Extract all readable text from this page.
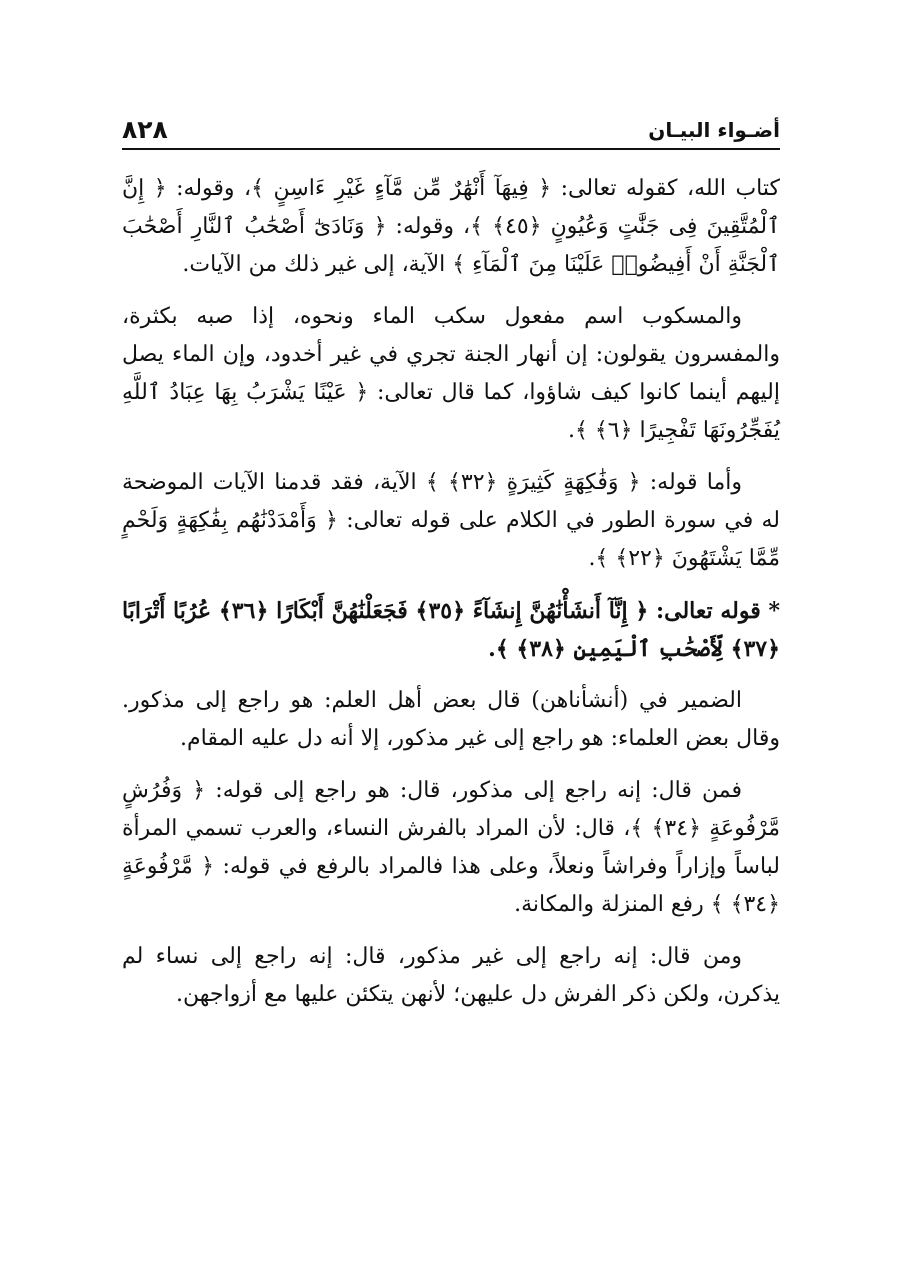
٨٢٨	أضـواء البيـان

كتاب الله، كقوله تعالى: ﴿ فِيهَآ أَنْهَٰرٌ مِّن مَّآءٍ غَيْرِ ءَاسِنٍ ﴾، وقوله: ﴿ إِنَّ ٱلْمُتَّقِينَ فِى جَنَّٰتٍ وَعُيُونٍ ﴿٤٥﴾ ﴾، وقوله: ﴿ وَنَادَىٰٓ أَصْحَٰبُ ٱلنَّارِ أَصْحَٰبَ ٱلْجَنَّةِ أَنْ أَفِيضُوا۟ عَلَيْنَا مِنَ ٱلْمَآءِ ﴾ الآية، إلى غير ذلك من الآيات.

والمسكوب اسم مفعول سكب الماء ونحوه، إذا صبه بكثرة، والمفسرون يقولون: إن أنهار الجنة تجري في غير أخدود، وإن الماء يصل إليهم أينما كانوا كيف شاؤوا، كما قال تعالى: ﴿ عَيْنًا يَشْرَبُ بِهَا عِبَادُ ٱللَّهِ يُفَجِّرُونَهَا تَفْجِيرًا ﴿٦﴾ ﴾.

وأما قوله: ﴿ وَفَٰكِهَةٍ كَثِيرَةٍ ﴿٣٢﴾ ﴾ الآية، فقد قدمنا الآيات الموضحة له في سورة الطور في الكلام على قوله تعالى: ﴿ وَأَمْدَدْنَٰهُم بِفَٰكِهَةٍ وَلَحْمٍ مِّمَّا يَشْتَهُونَ ﴿٢٢﴾ ﴾.

* قوله تعالى: ﴿ إِنَّآ أَنشَأْنَٰهُنَّ إِنشَآءً ﴿٣٥﴾ فَجَعَلْنَٰهُنَّ أَبْكَارًا ﴿٣٦﴾ عُرُبًا أَتْرَابًا ﴿٣٧﴾ لِّأَصْحَٰبِ ٱلْيَمِينِ ﴿٣٨﴾ ﴾.

الضمير في (أنشأناهن) قال بعض أهل العلم: هو راجع إلى مذكور. وقال بعض العلماء: هو راجع إلى غير مذكور، إلا أنه دل عليه المقام.

فمن قال: إنه راجع إلى مذكور، قال: هو راجع إلى قوله: ﴿ وَفُرُشٍ مَّرْفُوعَةٍ ﴿٣٤﴾ ﴾، قال: لأن المراد بالفرش النساء، والعرب تسمي المرأة لباساً وإزاراً وفراشاً ونعلاً، وعلى هذا فالمراد بالرفع في قوله: ﴿ مَّرْفُوعَةٍ ﴿٣٤﴾ ﴾ رفع المنزلة والمكانة.

ومن قال: إنه راجع إلى غير مذكور، قال: إنه راجع إلى نساء لم يذكرن، ولكن ذكر الفرش دل عليهن؛ لأنهن يتكئن عليها مع أزواجهن.
